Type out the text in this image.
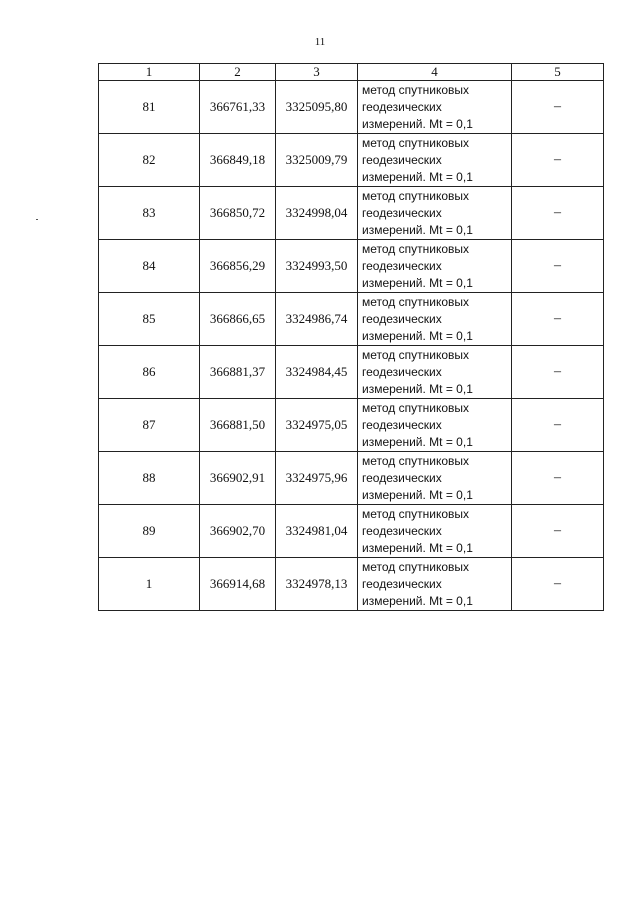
11
1	2	3	4	5
81	366761,33	3325095,80	метод спутниковых
геодезических
измерений. Mt = 0,1	–
82	366849,18	3325009,79	метод спутниковых
геодезических
измерений. Mt = 0,1	–
83	366850,72	3324998,04	метод спутниковых
геодезических
измерений. Mt = 0,1	–
84	366856,29	3324993,50	метод спутниковых
геодезических
измерений. Mt = 0,1	–
85	366866,65	3324986,74	метод спутниковых
геодезических
измерений. Mt = 0,1	–
86	366881,37	3324984,45	метод спутниковых
геодезических
измерений. Mt = 0,1	–
87	366881,50	3324975,05	метод спутниковых
геодезических
измерений. Mt = 0,1	–
88	366902,91	3324975,96	метод спутниковых
геодезических
измерений. Mt = 0,1	–
89	366902,70	3324981,04	метод спутниковых
геодезических
измерений. Mt = 0,1	–
1	366914,68	3324978,13	метод спутниковых
геодезических
измерений. Mt = 0,1	–
